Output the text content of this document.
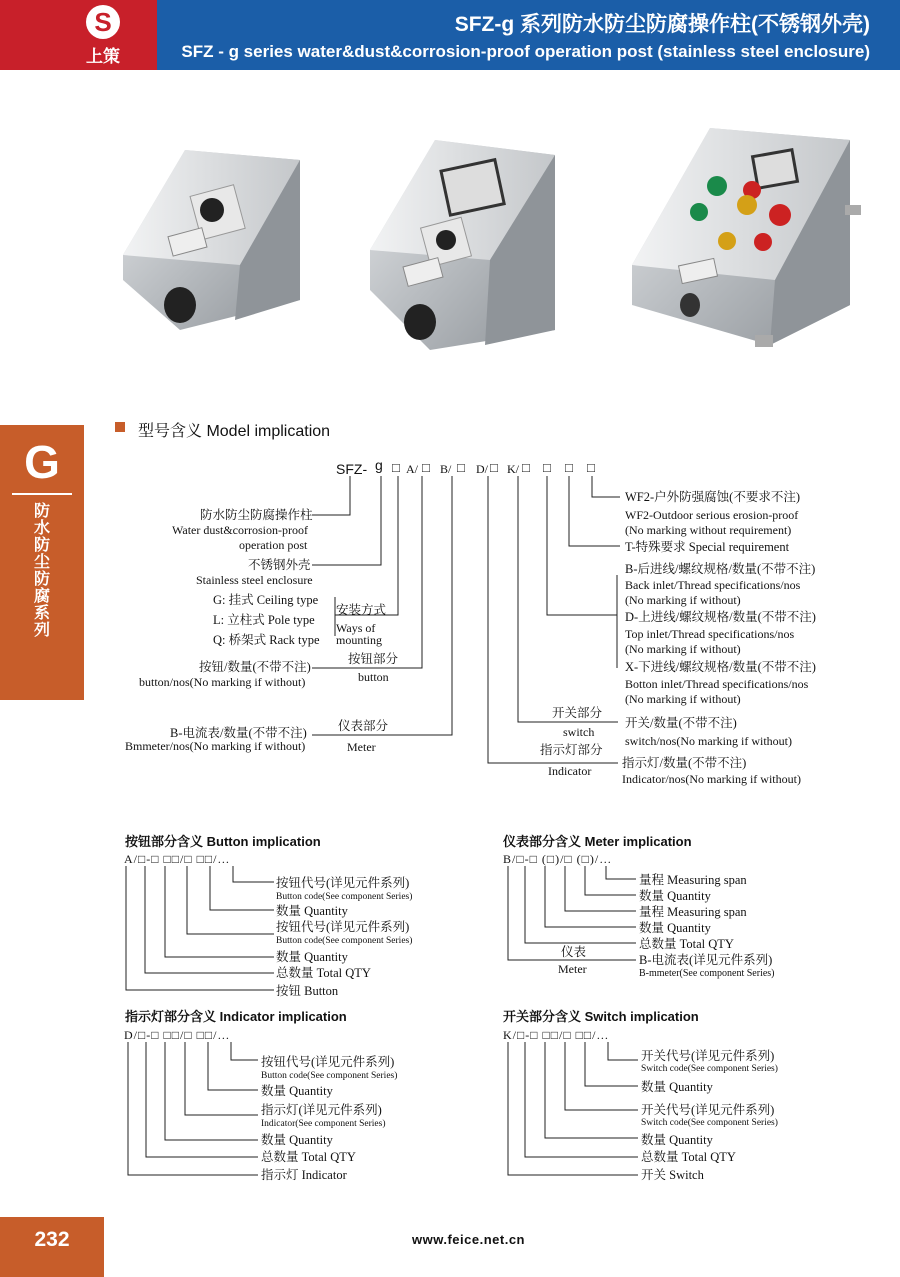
S
上策
SFZ-g 系列防水防尘防腐操作柱(不锈钢外壳)
SFZ - g series water&dust&corrosion-proof operation post (stainless steel enclosure)
G
防水防尘防腐系列
型号含义 Model implication
SFZ- g □ A/ □ B/ □ D/ □ K/ □ □ □ □
防水防尘防腐操作柱
Water dust&corrosion-proof
operation post
不锈钢外壳
Stainless steel enclosure
G: 挂式 Ceiling type
L: 立柱式 Pole type
Q: 桥架式 Rack type
安装方式
Ways of
mounting
按钮/数量(不带不注)
button/nos(No marking if without)
按钮部分
button
B-电流表/数量(不带不注)
Bmmeter/nos(No marking if without)
仪表部分
Meter
开关部分
switch
指示灯部分
Indicator
WF2-户外防强腐蚀(不要求不注)
WF2-Outdoor serious erosion-proof
(No marking without requirement)
T-特殊要求 Special requirement
B-后进线/螺纹规格/数量(不带不注)
Back inlet/Thread specifications/nos
(No marking if without)
D-上进线/螺纹规格/数量(不带不注)
Top inlet/Thread specifications/nos
(No marking if without)
X-下进线/螺纹规格/数量(不带不注)
Botton inlet/Thread specifications/nos
(No marking if without)
开关/数量(不带不注)
switch/nos(No marking if without)
指示灯/数量(不带不注)
Indicator/nos(No marking if without)
按钮部分含义 Button implication
A/□-□ □□/□ □□/…
按钮代号(详见元件系列)
Button code(See component Series)
数量 Quantity
按钮代号(详见元件系列)
Button code(See component Series)
数量 Quantity
总数量 Total QTY
按钮 Button
仪表部分含义 Meter implication
B/□-□ (□)/□ (□)/…
量程 Measuring span
数量 Quantity
量程 Measuring span
数量 Quantity
总数量 Total QTY
B-电流表(详见元件系列)
B-mmeter(See component Series)
仪表
Meter
指示灯部分含义 Indicator implication
D/□-□ □□/□ □□/…
按钮代号(详见元件系列)
Button code(See component Series)
数量 Quantity
指示灯(详见元件系列)
Indicator(See component Series)
数量 Quantity
总数量 Total QTY
指示灯 Indicator
开关部分含义 Switch implication
K/□-□ □□/□ □□/…
开关代号(详见元件系列)
Switch code(See component Series)
数量 Quantity
开关代号(详见元件系列)
Switch code(See component Series)
数量 Quantity
总数量 Total QTY
开关 Switch
232	www.feice.net.cn
